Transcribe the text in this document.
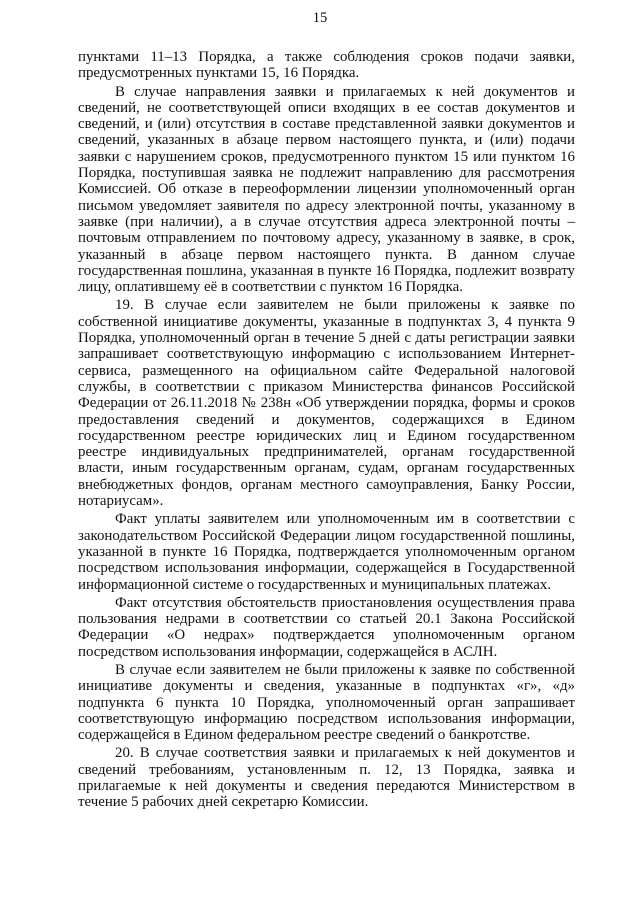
15

пунктами 11–13 Порядка, а также соблюдения сроков подачи заявки, предусмотренных пунктами 15, 16 Порядка.

В случае направления заявки и прилагаемых к ней документов и сведений, не соответствующей описи входящих в ее состав документов и сведений, и (или) отсутствия в составе представленной заявки документов и сведений, указанных в абзаце первом настоящего пункта, и (или) подачи заявки с нарушением сроков, предусмотренного пунктом 15 или пунктом 16 Порядка, поступившая заявка не подлежит направлению для рассмотрения Комиссией. Об отказе в переоформлении лицензии уполномоченный орган письмом уведомляет заявителя по адресу электронной почты, указанному в заявке (при наличии), а в случае отсутствия адреса электронной почты – почтовым отправлением по почтовому адресу, указанному в заявке, в срок, указанный в абзаце первом настоящего пункта. В данном случае государственная пошлина, указанная в пункте 16 Порядка, подлежит возврату лицу, оплатившему её в соответствии с пунктом 16 Порядка.

19. В случае если заявителем не были приложены к заявке по собственной инициативе документы, указанные в подпунктах 3, 4 пункта 9 Порядка, уполномоченный орган в течение 5 дней с даты регистрации заявки запрашивает соответствующую информацию с использованием Интернет-сервиса, размещенного на официальном сайте Федеральной налоговой службы, в соответствии с приказом Министерства финансов Российской Федерации от 26.11.2018 № 238н «Об утверждении порядка, формы и сроков предоставления сведений и документов, содержащихся в Едином государственном реестре юридических лиц и Едином государственном реестре индивидуальных предпринимателей, органам государственной власти, иным государственным органам, судам, органам государственных внебюджетных фондов, органам местного самоуправления, Банку России, нотариусам».

Факт уплаты заявителем или уполномоченным им в соответствии с законодательством Российской Федерации лицом государственной пошлины, указанной в пункте 16 Порядка, подтверждается уполномоченным органом посредством использования информации, содержащейся в Государственной информационной системе о государственных и муниципальных платежах.

Факт отсутствия обстоятельств приостановления осуществления права пользования недрами в соответствии со статьей 20.1 Закона Российской Федерации «О недрах» подтверждается уполномоченным органом посредством использования информации, содержащейся в АСЛН.

В случае если заявителем не были приложены к заявке по собственной инициативе документы и сведения, указанные в подпунктах «г», «д» подпункта 6 пункта 10 Порядка, уполномоченный орган запрашивает соответствующую информацию посредством использования информации, содержащейся в Едином федеральном реестре сведений о банкротстве.

20. В случае соответствия заявки и прилагаемых к ней документов и сведений требованиям, установленным п. 12, 13 Порядка, заявка и прилагаемые к ней документы и сведения передаются Министерством в течение 5 рабочих дней секретарю Комиссии.
